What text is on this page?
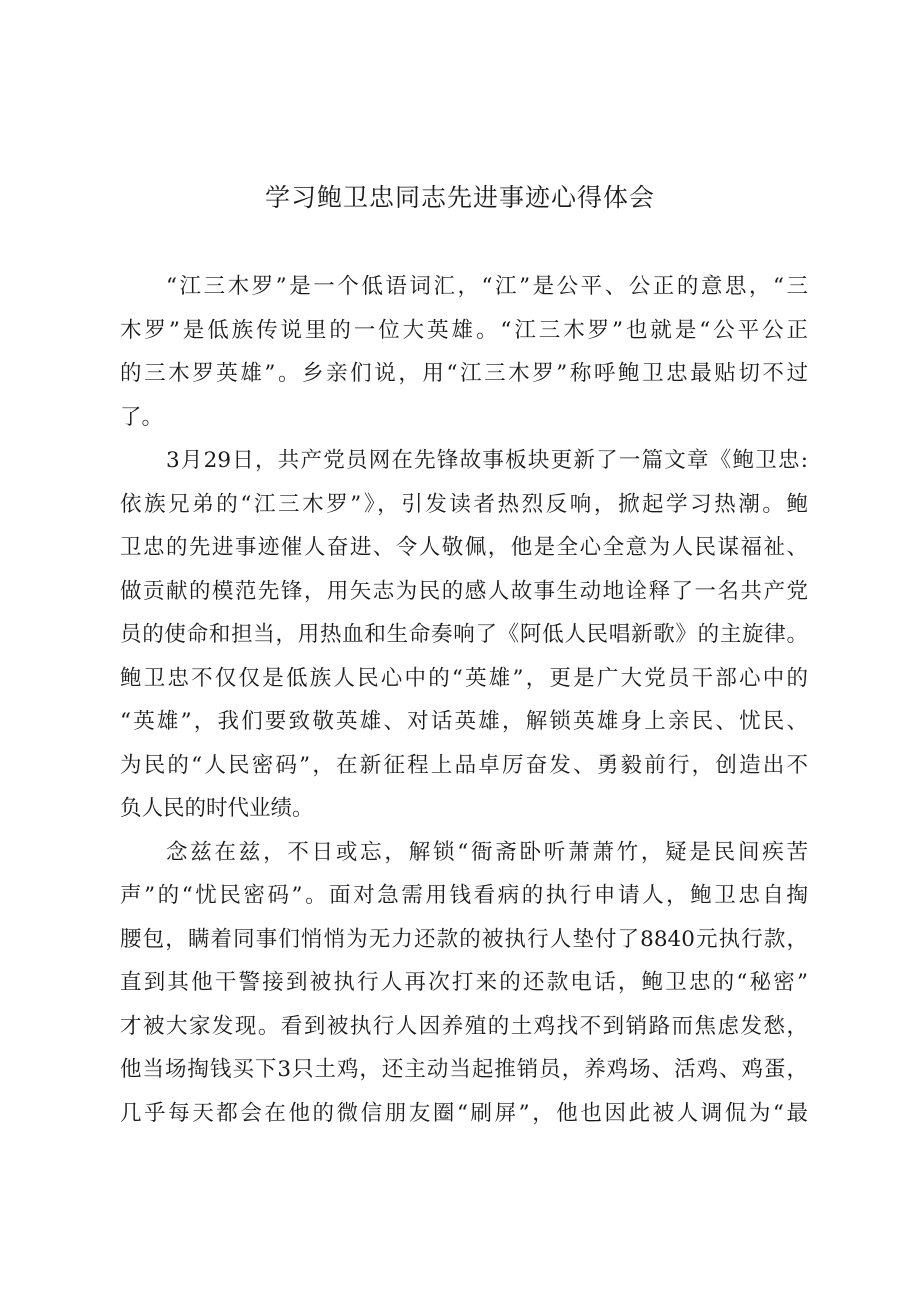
学习鲍卫忠同志先进事迹心得体会
“江三木罗”是一个低语词汇，“江”是公平、公正的意思，“三
木罗”是低族传说里的一位大英雄。“江三木罗”也就是“公平公正
的三木罗英雄”。乡亲们说，用“江三木罗”称呼鲍卫忠最贴切不过
了。
3月29日，共产党员网在先锋故事板块更新了一篇文章《鲍卫忠:
依族兄弟的“江三木罗”》，引发读者热烈反响，掀起学习热潮。鲍
卫忠的先进事迹催人奋进、令人敬佩，他是全心全意为人民谋福祉、
做贡献的模范先锋，用矢志为民的感人故事生动地诠释了一名共产党
员的使命和担当，用热血和生命奏响了《阿低人民唱新歌》的主旋律。
鲍卫忠不仅仅是低族人民心中的“英雄”，更是广大党员干部心中的
“英雄”，我们要致敬英雄、对话英雄，解锁英雄身上亲民、忧民、
为民的“人民密码”，在新征程上品卓厉奋发、勇毅前行，创造出不
负人民的时代业绩。
念兹在兹，不日或忘，解锁“衙斋卧听萧萧竹，疑是民间疾苦
声”的“忧民密码”。面对急需用钱看病的执行申请人，鲍卫忠自掏
腰包，瞒着同事们悄悄为无力还款的被执行人垫付了8840元执行款，
直到其他干警接到被执行人再次打来的还款电话，鲍卫忠的“秘密”
才被大家发现。看到被执行人因养殖的土鸡找不到销路而焦虑发愁，
他当场掏钱买下3只土鸡，还主动当起推销员，养鸡场、活鸡、鸡蛋，
几乎每天都会在他的微信朋友圈“刷屏”，他也因此被人调侃为“最
